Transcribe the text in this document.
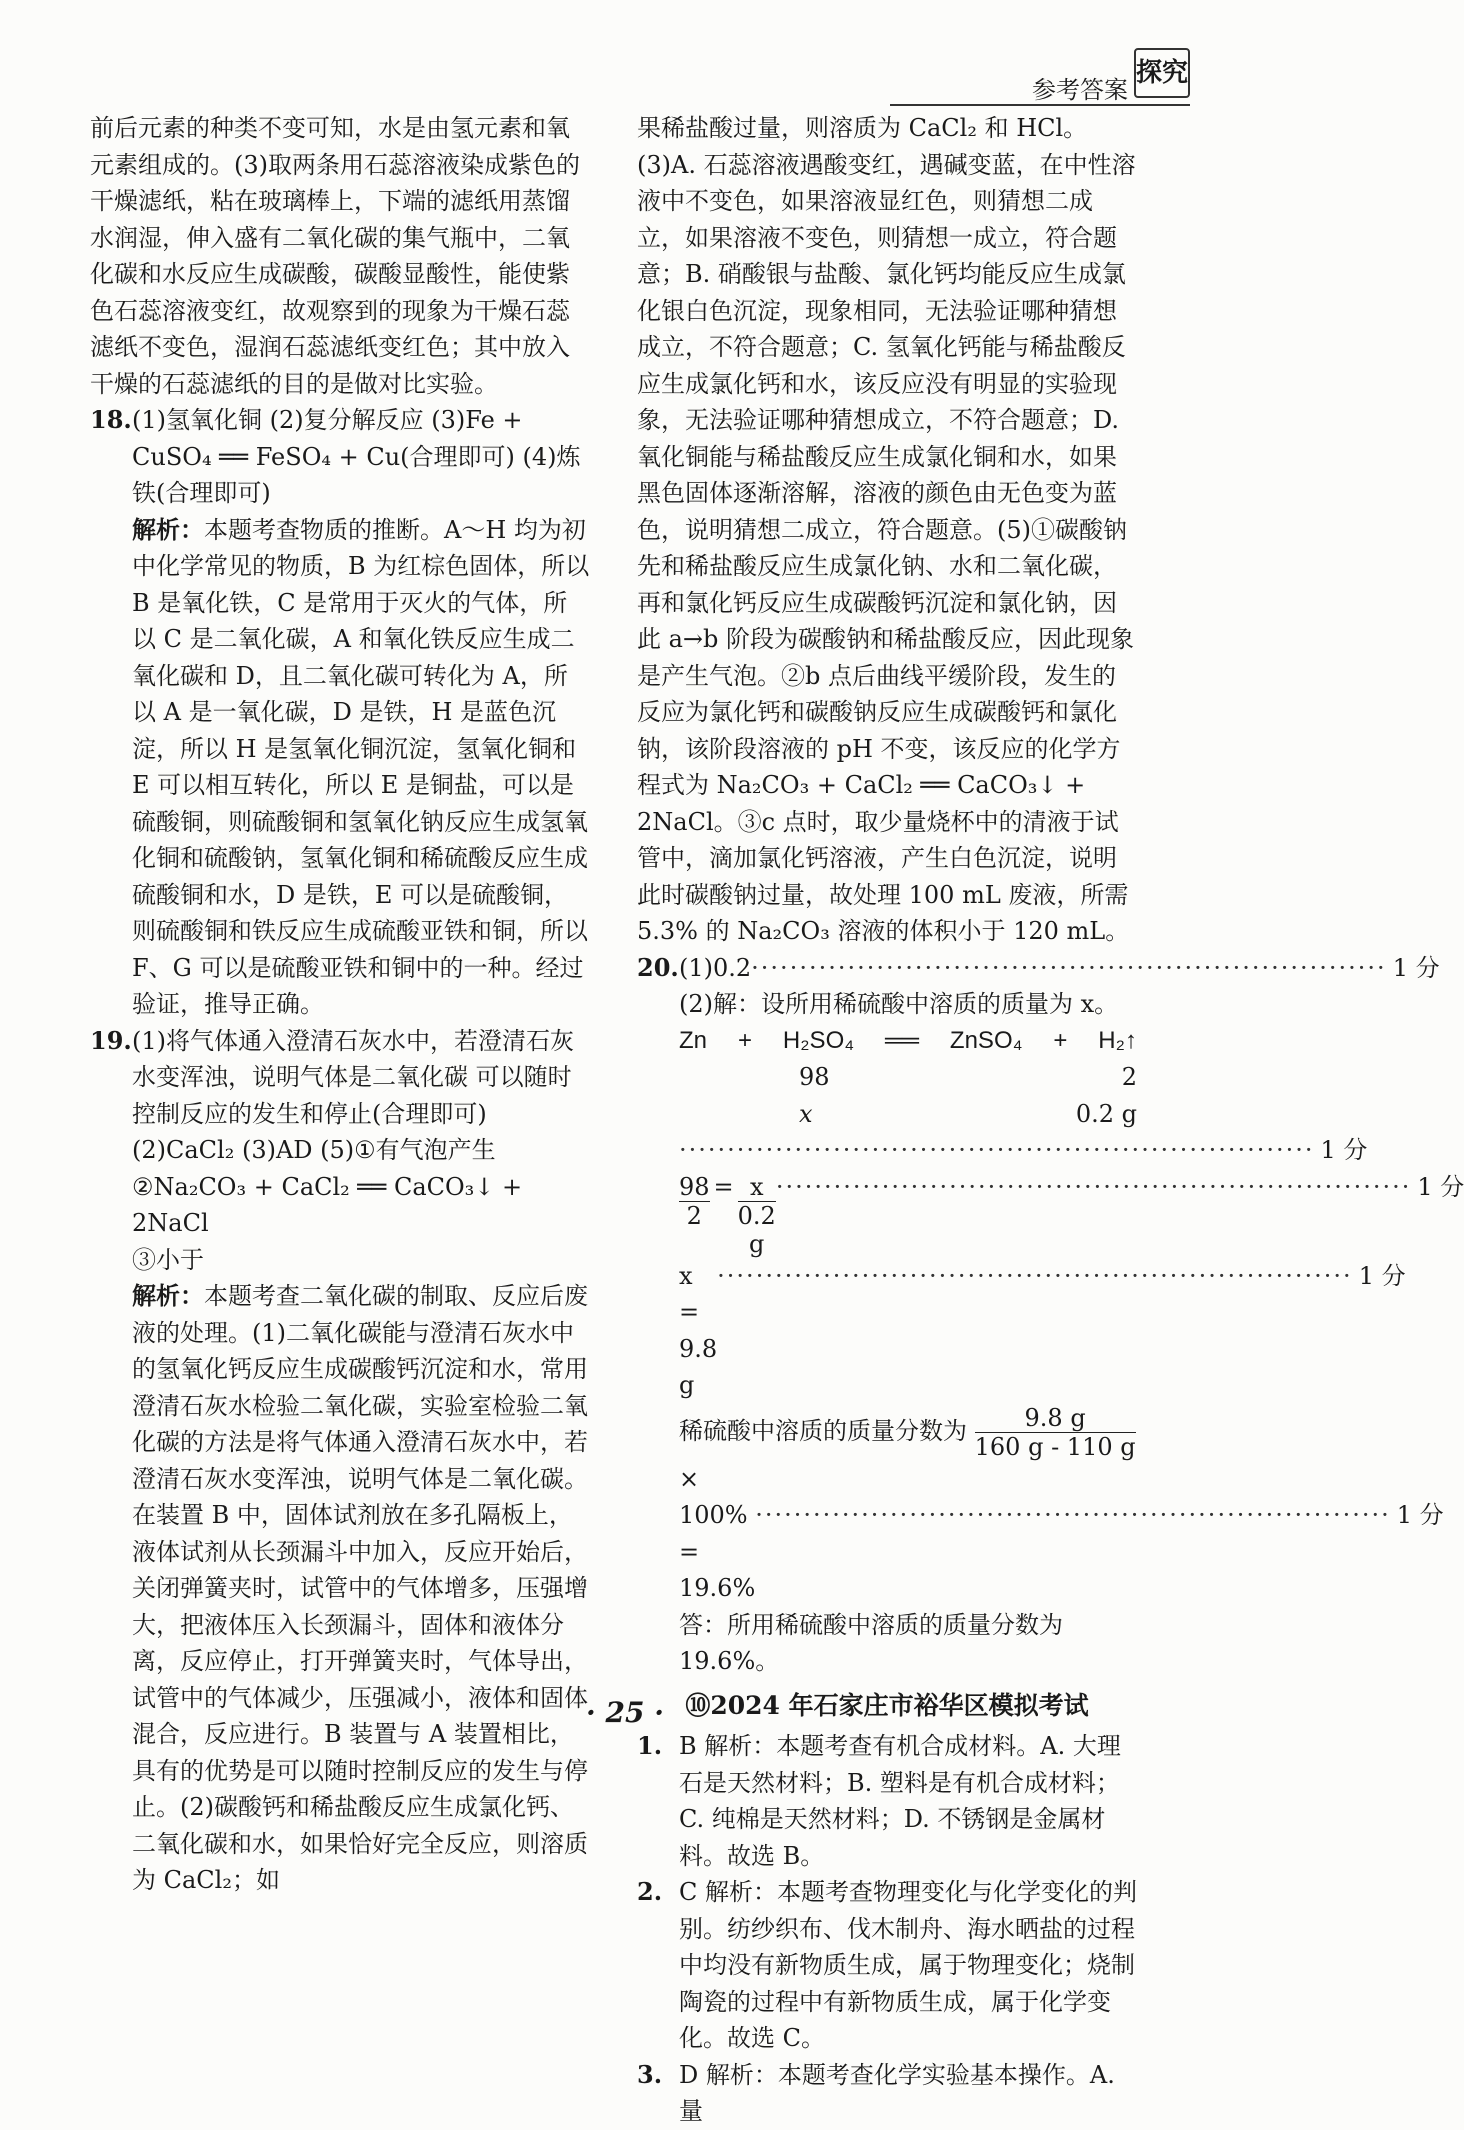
参考答案
探究

前后元素的种类不变可知，水是由氢元素和氧元素组成的。(3)取两条用石蕊溶液染成紫色的干燥滤纸，粘在玻璃棒上，下端的滤纸用蒸馏水润湿，伸入盛有二氧化碳的集气瓶中，二氧化碳和水反应生成碳酸，碳酸显酸性，能使紫色石蕊溶液变红，故观察到的现象为干燥石蕊滤纸不变色，湿润石蕊滤纸变红色；其中放入干燥的石蕊滤纸的目的是做对比实验。

18. (1)氢氧化铜 (2)复分解反应 (3)Fe + CuSO₄ ══ FeSO₄ + Cu(合理即可) (4)炼铁(合理即可)

解析：本题考查物质的推断。A～H 均为初中化学常见的物质，B 为红棕色固体，所以 B 是氧化铁，C 是常用于灭火的气体，所以 C 是二氧化碳，A 和氧化铁反应生成二氧化碳和 D，且二氧化碳可转化为 A，所以 A 是一氧化碳，D 是铁，H 是蓝色沉淀，所以 H 是氢氧化铜沉淀，氢氧化铜和 E 可以相互转化，所以 E 是铜盐，可以是硫酸铜，则硫酸铜和氢氧化钠反应生成氢氧化铜和硫酸钠，氢氧化铜和稀硫酸反应生成硫酸铜和水，D 是铁，E 可以是硫酸铜，则硫酸铜和铁反应生成硫酸亚铁和铜，所以 F、G 可以是硫酸亚铁和铜中的一种。经过验证，推导正确。

19. (1)将气体通入澄清石灰水中，若澄清石灰水变浑浊，说明气体是二氧化碳 可以随时控制反应的发生和停止(合理即可)

(2)CaCl₂ (3)AD (5)①有气泡产生

②Na₂CO₃ + CaCl₂ ══ CaCO₃↓ + 2NaCl

③小于

解析：本题考查二氧化碳的制取、反应后废液的处理。(1)二氧化碳能与澄清石灰水中的氢氧化钙反应生成碳酸钙沉淀和水，常用澄清石灰水检验二氧化碳，实验室检验二氧化碳的方法是将气体通入澄清石灰水中，若澄清石灰水变浑浊，说明气体是二氧化碳。在装置 B 中，固体试剂放在多孔隔板上，液体试剂从长颈漏斗中加入，反应开始后，关闭弹簧夹时，试管中的气体增多，压强增大，把液体压入长颈漏斗，固体和液体分离，反应停止，打开弹簧夹时，气体导出，试管中的气体减少，压强减小，液体和固体混合，反应进行。B 装置与 A 装置相比，具有的优势是可以随时控制反应的发生与停止。(2)碳酸钙和稀盐酸反应生成氯化钙、二氧化碳和水，如果恰好完全反应，则溶质为 CaCl₂；如

果稀盐酸过量，则溶质为 CaCl₂ 和 HCl。(3)A. 石蕊溶液遇酸变红，遇碱变蓝，在中性溶液中不变色，如果溶液显红色，则猜想二成立，如果溶液不变色，则猜想一成立，符合题意；B. 硝酸银与盐酸、氯化钙均能反应生成氯化银白色沉淀，现象相同，无法验证哪种猜想成立，不符合题意；C. 氢氧化钙能与稀盐酸反应生成氯化钙和水，该反应没有明显的实验现象，无法验证哪种猜想成立，不符合题意；D. 氧化铜能与稀盐酸反应生成氯化铜和水，如果黑色固体逐渐溶解，溶液的颜色由无色变为蓝色，说明猜想二成立，符合题意。(5)①碳酸钠先和稀盐酸反应生成氯化钠、水和二氧化碳，再和氯化钙反应生成碳酸钙沉淀和氯化钠，因此 a→b 阶段为碳酸钠和稀盐酸反应，因此现象是产生气泡。②b 点后曲线平缓阶段，发生的反应为氯化钙和碳酸钠反应生成碳酸钙和氯化钠，该阶段溶液的 pH 不变，该反应的化学方程式为 Na₂CO₃ + CaCl₂ ══ CaCO₃↓ + 2NaCl。③c 点时，取少量烧杯中的清液于试管中，滴加氯化钙溶液，产生白色沉淀，说明此时碳酸钠过量，故处理 100 mL 废液，所需 5.3% 的 Na₂CO₃ 溶液的体积小于 120 mL。

20. (1)0.2 ·································································· 1 分

(2)解：设所用稀硫酸中溶质的质量为 x。

Zn + H₂SO₄ ══ ZnSO₄ + H₂↑
98	2
x	0.2 g
·································································· 1 分
$\frac{98}{2} = \frac{x}{0.2 g}$ ·································································· 1 分
x = 9.8 g
·································································· 1 分
稀硫酸中溶质的质量分数为 $\frac{9.8 g}{160 g - 110 g}$
×
100% = 19.6%
·································································· 1 分

答：所用稀硫酸中溶质的质量分数为 19.6%。

⑩2024 年石家庄市裕华区模拟考试
1. B 解析：本题考查有机合成材料。A. 大理石是天然材料；B. 塑料是有机合成材料；C. 纯棉是天然材料；D. 不锈钢是金属材料。故选 B。

2. C 解析：本题考查物理变化与化学变化的判别。纺纱织布、伐木制舟、海水晒盐的过程中均没有新物质生成，属于物理变化；烧制陶瓷的过程中有新物质生成，属于化学变化。故选 C。

3. D 解析：本题考查化学实验基本操作。A. 量

· 25 ·
